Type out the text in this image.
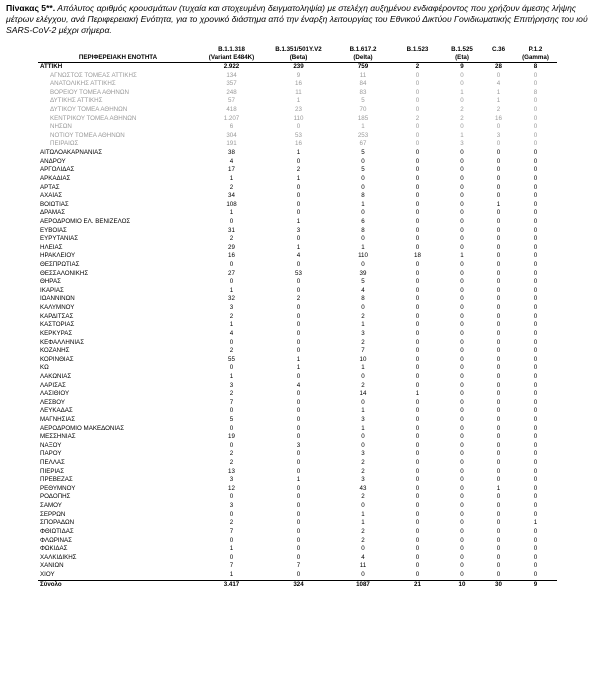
Πίνακας 5**. Απόλυτος αριθμός κρουσμάτων (τυχαία και στοχευμένη δειγματοληψία) με στελέχη αυξημένου ενδιαφέροντος που χρήζουν άμεσης λήψης μέτρων ελέγχου, ανά Περιφερειακή Ενότητα, για το χρονικό διάστημα από την έναρξη λειτουργίας του Εθνικού Δικτύου Γονιδιωματικής Επιτήρησης του ιού SARS-CoV-2 μέχρι σήμερα.
ΠΕΡΙΦΕΡΕΙΑΚΗ ΕΝΟΤΗΤΑ	B.1.1.318	B.1.351/501Y.V2	B.1.617.2	B.1.523	B.1.525	C.36	P.1.2
	(Variant E484K)	(Beta)	(Delta)		(Eta)		(Gamma)
ΑΤΤΙΚΗ	2.922	239	759	2	9	28	8
ΑΓΝΩΣΤΟΣ ΤΟΜΕΑΣ ΑΤΤΙΚΗΣ	134	9	11	0	0	0	0
ΑΝΑΤΟΛΙΚΗΣ ΑΤΤΙΚΗΣ	357	16	84	0	0	4	0
ΒΟΡΕΙΟΥ ΤΟΜΕΑ ΑΘΗΝΩΝ	248	11	83	0	1	1	8
ΔΥΤΙΚΗΣ ΑΤΤΙΚΗΣ	57	1	5	0	0	1	0
ΔΥΤΙΚΟΥ ΤΟΜΕΑ ΑΘΗΝΩΝ	418	23	70	0	2	2	0
ΚΕΝΤΡΙΚΟΥ ΤΟΜΕΑ ΑΘΗΝΩΝ	1.207	110	185	2	2	16	0
ΝΗΣΩΝ	6	0	1	0	0	0	0
ΝΟΤΙΟΥ ΤΟΜΕΑ ΑΘΗΝΩΝ	304	53	253	0	1	3	0
ΠΕΙΡΑΙΩΣ	191	16	67	0	3	0	0
ΑΙΤΩΛΟΑΚΑΡΝΑΝΙΑΣ	38	1	5	0	0	0	0
ΑΝΔΡΟΥ	4	0	0	0	0	0	0
ΑΡΓΟΛΙΔΑΣ	17	2	5	0	0	0	0
ΑΡΚΑΔΙΑΣ	1	1	0	0	0	0	0
ΑΡΤΑΣ	2	0	0	0	0	0	0
ΑΧΑΪΑΣ	34	0	8	0	0	0	0
ΒΟΙΩΤΙΑΣ	108	0	1	0	0	1	0
ΔΡΑΜΑΣ	1	0	0	0	0	0	0
ΑΕΡΟΔΡΟΜΙΟ ΕΛ. ΒΕΝΙΖΕΛΟΣ	0	1	6	0	0	0	0
ΕΥΒΟΙΑΣ	31	3	8	0	0	0	0
ΕΥΡΥΤΑΝΙΑΣ	2	0	0	0	0	0	0
ΗΛΕΙΑΣ	29	1	1	0	0	0	0
ΗΡΑΚΛΕΙΟΥ	16	4	110	18	1	0	0
ΘΕΣΠΡΩΤΙΑΣ	0	0	0	0	0	0	0
ΘΕΣΣΑΛΟΝΙΚΗΣ	27	53	39	0	0	0	0
ΘΗΡΑΣ	0	0	5	0	0	0	0
ΙΚΑΡΙΑΣ	1	0	4	0	0	0	0
ΙΩΑΝΝΙΝΩΝ	32	2	8	0	0	0	0
ΚΑΛΥΜΝΟΥ	3	0	0	0	0	0	0
ΚΑΡΔΙΤΣΑΣ	2	0	2	0	0	0	0
ΚΑΣΤΟΡΙΑΣ	1	0	1	0	0	0	0
ΚΕΡΚΥΡΑΣ	4	0	3	0	0	0	0
ΚΕΦΑΛΛΗΝΙΑΣ	0	0	2	0	0	0	0
ΚΟΖΑΝΗΣ	2	0	7	0	0	0	0
ΚΟΡΙΝΘΙΑΣ	55	1	10	0	0	0	0
ΚΩ	0	1	1	0	0	0	0
ΛΑΚΩΝΙΑΣ	1	0	0	0	0	0	0
ΛΑΡΙΣΑΣ	3	4	2	0	0	0	0
ΛΑΣΙΘΙΟΥ	2	0	14	1	0	0	0
ΛΕΣΒΟΥ	7	0	0	0	0	0	0
ΛΕΥΚΑΔΑΣ	0	0	1	0	0	0	0
ΜΑΓΝΗΣΙΑΣ	5	0	3	0	0	0	0
ΑΕΡΟΔΡΟΜΙΟ ΜΑΚΕΔΟΝΙΑΣ	0	0	1	0	0	0	0
ΜΕΣΣΗΝΙΑΣ	19	0	0	0	0	0	0
ΝΑΞΟΥ	0	3	0	0	0	0	0
ΠΑΡΟΥ	2	0	3	0	0	0	0
ΠΕΛΛΑΣ	2	0	2	0	0	0	0
ΠΙΕΡΙΑΣ	13	0	2	0	0	0	0
ΠΡΕΒΕΖΑΣ	3	1	3	0	0	0	0
ΡΕΘΥΜΝΟΥ	12	0	43	0	0	1	0
ΡΟΔΟΠΗΣ	0	0	2	0	0	0	0
ΣΑΜΟΥ	3	0	0	0	0	0	0
ΣΕΡΡΩΝ	0	0	1	0	0	0	0
ΣΠΟΡΑΔΩΝ	2	0	1	0	0	0	1
ΦΘΙΩΤΙΔΑΣ	7	0	2	0	0	0	0
ΦΛΩΡΙΝΑΣ	0	0	2	0	0	0	0
ΦΩΚΙΔΑΣ	1	0	0	0	0	0	0
ΧΑΛΚΙΔΙΚΗΣ	0	0	4	0	0	0	0
ΧΑΝΙΩΝ	7	7	11	0	0	0	0
ΧΙΟΥ	1	0	0	0	0	0	0
Σύνολο	3.417	324	1087	21	10	30	9
